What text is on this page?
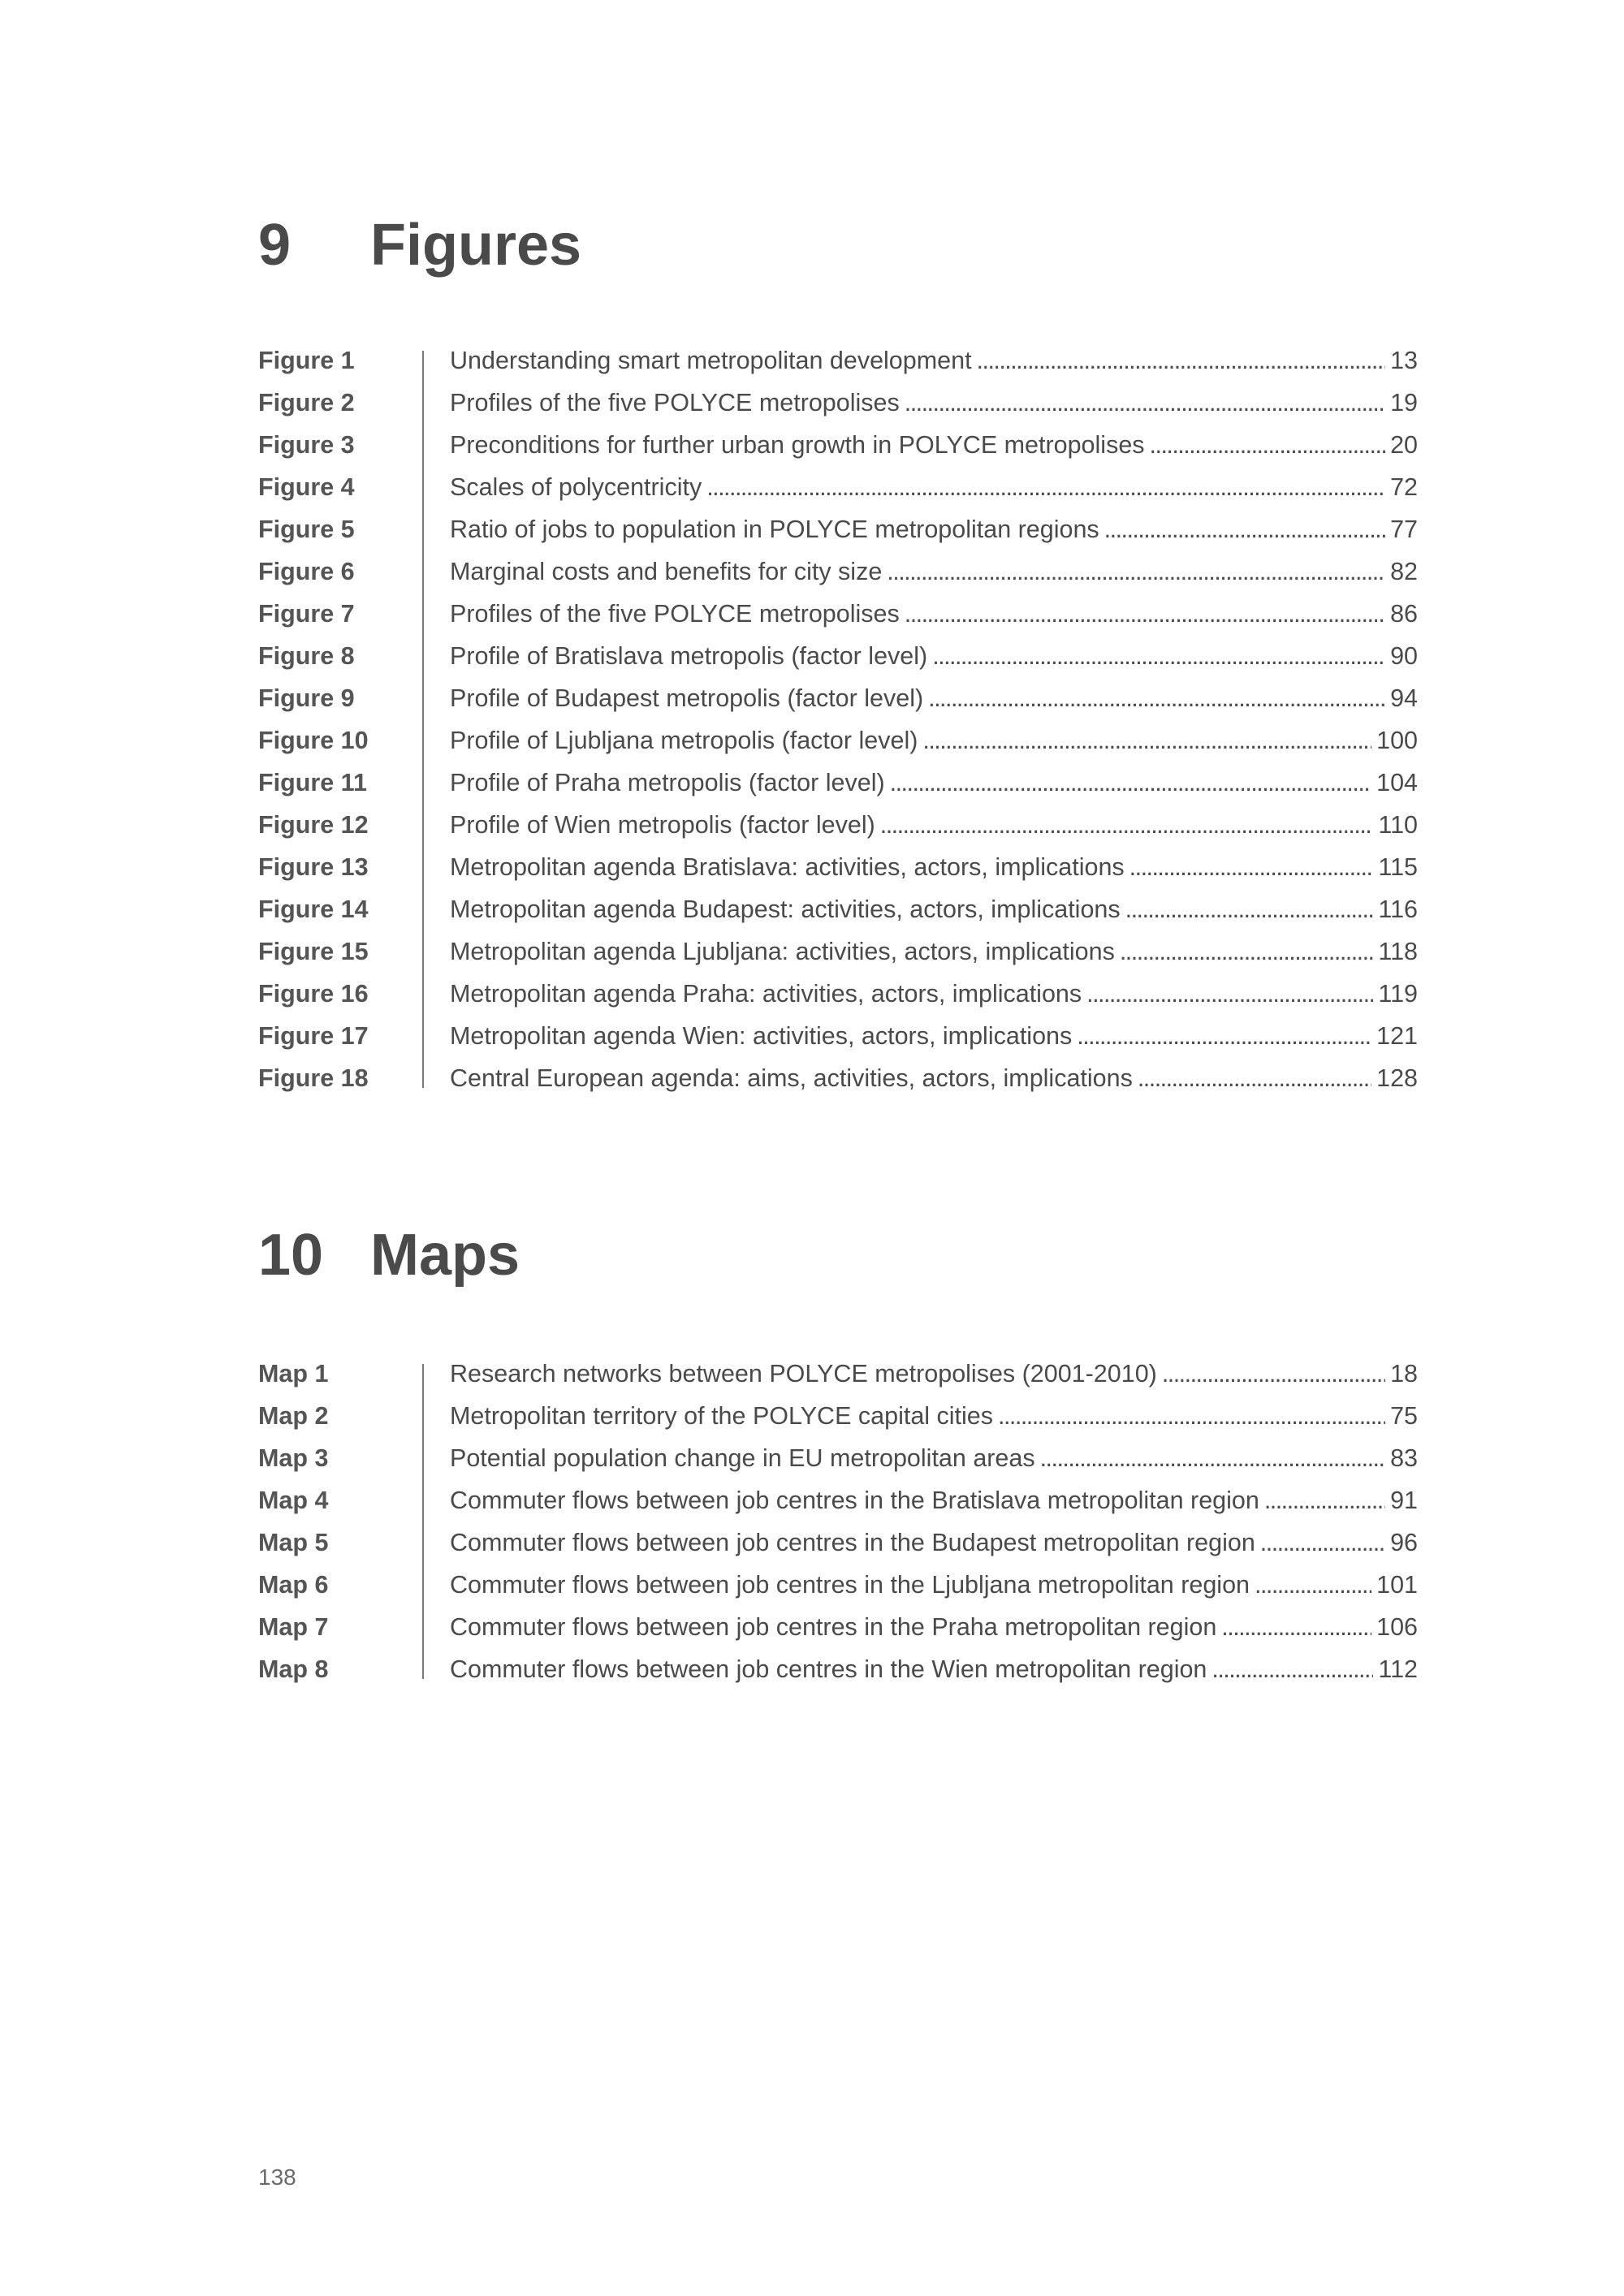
9 Figures
Figure 1	Understanding smart metropolitan development . . .	13
Figure 2	Profiles of the five POLYCE metropolises . . .	19
Figure 3	Preconditions for further urban growth in POLYCE metropolises . . .	20
Figure 4	Scales of polycentricity . . .	72
Figure 5	Ratio of jobs to population in POLYCE metropolitan regions . . .	77
Figure 6	Marginal costs and benefits for city size . . .	82
Figure 7	Profiles of the five POLYCE metropolises . . .	86
Figure 8	Profile of Bratislava metropolis (factor level) . . .	90
Figure 9	Profile of Budapest metropolis (factor level) . . .	94
Figure 10	Profile of Ljubljana metropolis (factor level) . . .	100
Figure 11	Profile of Praha metropolis (factor level) . . .	104
Figure 12	Profile of Wien metropolis (factor level) . . .	110
Figure 13	Metropolitan agenda Bratislava: activities, actors, implications . . .	115
Figure 14	Metropolitan agenda Budapest: activities, actors, implications . . .	116
Figure 15	Metropolitan agenda Ljubljana: activities, actors, implications . . .	118
Figure 16	Metropolitan agenda Praha: activities, actors, implications . . .	119
Figure 17	Metropolitan agenda Wien: activities, actors, implications . . .	121
Figure 18	Central European agenda: aims, activities, actors, implications . . .	128
10 Maps
Map 1	Research networks between POLYCE metropolises (2001-2010) . . .	18
Map 2	Metropolitan territory of the POLYCE capital cities . . .	75
Map 3	Potential population change in EU metropolitan areas . . .	83
Map 4	Commuter flows between job centres in the Bratislava metropolitan region . . .	91
Map 5	Commuter flows between job centres in the Budapest metropolitan region . . .	96
Map 6	Commuter flows between job centres in the Ljubljana metropolitan region . . .	101
Map 7	Commuter flows between job centres in the Praha metropolitan region . . .	106
Map 8	Commuter flows between job centres in the Wien metropolitan region . . .	112
138
